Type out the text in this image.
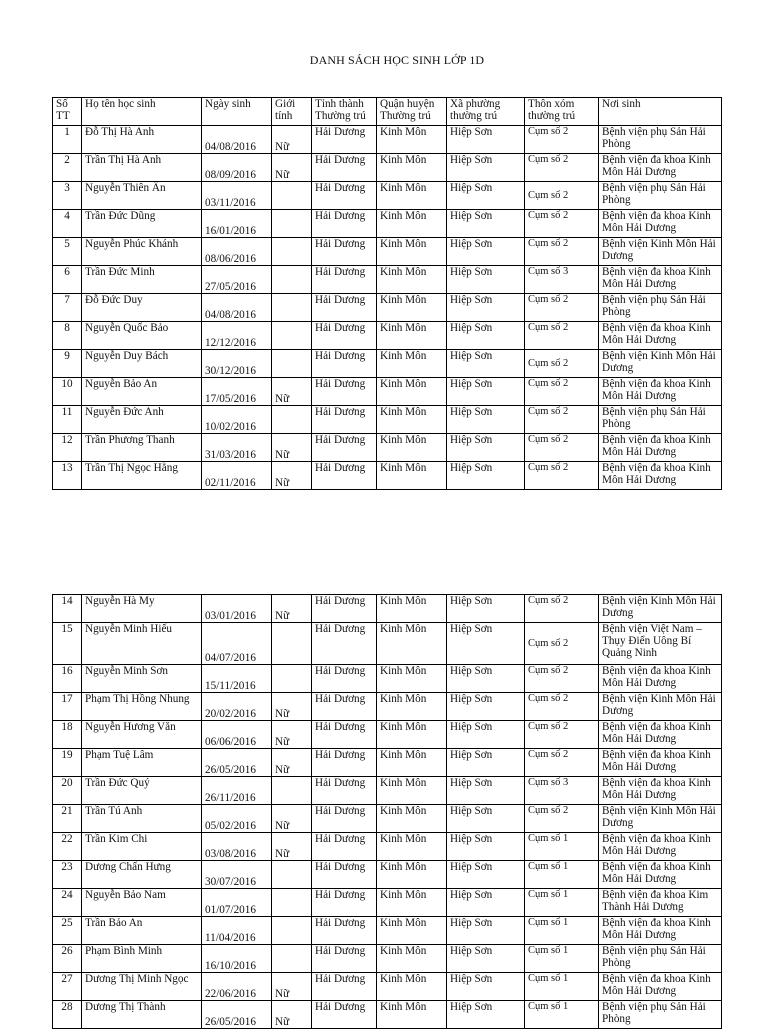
DANH SÁCH HỌC SINH LỚP 1D
Số TT	Họ tên học sinh	Ngày sinh	Giới tính	Tỉnh thành Thường trú	Quận huyện Thường trú	Xã phường thường trú	Thôn xóm thường trú	Nơi sinh
1	Đỗ Thị Hà Anh	04/08/2016	Nữ	Hải Dương	Kinh Môn	Hiệp Sơn	Cụm số 2	Bệnh viện phụ Sản Hải Phòng
2	Trần Thị Hà Anh	08/09/2016	Nữ	Hải Dương	Kinh Môn	Hiệp Sơn	Cụm số 2	Bệnh viện đa khoa Kinh Môn Hải Dương
3	Nguyễn Thiên Ân	03/11/2016		Hải Dương	Kinh Môn	Hiệp Sơn	Cụm số 2	Bệnh viện phụ Sản Hải Phòng
4	Trần Đức Dũng	16/01/2016		Hải Dương	Kinh Môn	Hiệp Sơn	Cụm số 2	Bệnh viện đa khoa Kinh Môn Hải Dương
5	Nguyễn Phúc Khánh	08/06/2016		Hải Dương	Kinh Môn	Hiệp Sơn	Cụm số 2	Bệnh viện Kinh Môn Hải Dương
6	Trần Đức Minh	27/05/2016		Hải Dương	Kinh Môn	Hiệp Sơn	Cụm số 3	Bệnh viện đa khoa Kinh Môn Hải Dương
7	Đỗ Đức Duy	04/08/2016		Hải Dương	Kinh Môn	Hiệp Sơn	Cụm số 2	Bệnh viện phụ Sản Hải Phòng
8	Nguyễn Quốc Bảo	12/12/2016		Hải Dương	Kinh Môn	Hiệp Sơn	Cụm số 2	Bệnh viện đa khoa Kinh Môn Hải Dương
9	Nguyễn Duy Bách	30/12/2016		Hải Dương	Kinh Môn	Hiệp Sơn	Cụm số 2	Bệnh viện Kinh Môn Hải Dương
10	Nguyễn Bảo An	17/05/2016	Nữ	Hải Dương	Kinh Môn	Hiệp Sơn	Cụm số 2	Bệnh viện đa khoa Kinh Môn Hải Dương
11	Nguyễn Đức Anh	10/02/2016		Hải Dương	Kinh Môn	Hiệp Sơn	Cụm số 2	Bệnh viện phụ Sản Hải Phòng
12	Trần Phương Thanh	31/03/2016	Nữ	Hải Dương	Kinh Môn	Hiệp Sơn	Cụm số 2	Bệnh viện đa khoa Kinh Môn Hải Dương
13	Trần Thị Ngọc Hằng	02/11/2016	Nữ	Hải Dương	Kinh Môn	Hiệp Sơn	Cụm số 2	Bệnh viện đa khoa Kinh Môn Hải Dương
14	Nguyễn Hà My	03/01/2016	Nữ	Hải Dương	Kinh Môn	Hiệp Sơn	Cụm số 2	Bệnh viện Kinh Môn Hải Dương
15	Nguyễn Minh Hiếu	04/07/2016		Hải Dương	Kinh Môn	Hiệp Sơn	Cụm số 2	Bệnh viện Việt Nam – Thụy Điển Uông Bí Quảng Ninh
16	Nguyễn Minh Sơn	15/11/2016		Hải Dương	Kinh Môn	Hiệp Sơn	Cụm số 2	Bệnh viện đa khoa Kinh Môn Hải Dương
17	Phạm Thị Hồng Nhung	20/02/2016	Nữ	Hải Dương	Kinh Môn	Hiệp Sơn	Cụm số 2	Bệnh viện Kinh Môn Hải Dương
18	Nguyễn Hương Văn	06/06/2016	Nữ	Hải Dương	Kinh Môn	Hiệp Sơn	Cụm số 2	Bệnh viện đa khoa Kinh Môn Hải Dương
19	Phạm Tuệ Lâm	26/05/2016	Nữ	Hải Dương	Kinh Môn	Hiệp Sơn	Cụm số 2	Bệnh viện đa khoa Kinh Môn Hải Dương
20	Trần Đức Quý	26/11/2016		Hải Dương	Kinh Môn	Hiệp Sơn	Cụm số 3	Bệnh viện đa khoa Kinh Môn Hải Dương
21	Trần Tú Anh	05/02/2016	Nữ	Hải Dương	Kinh Môn	Hiệp Sơn	Cụm số 2	Bệnh viện Kinh Môn Hải Dương
22	Trần Kim Chi	03/08/2016	Nữ	Hải Dương	Kinh Môn	Hiệp Sơn	Cụm số 1	Bệnh viện đa khoa Kinh Môn Hải Dương
23	Dương Chấn Hưng	30/07/2016		Hải Dương	Kinh Môn	Hiệp Sơn	Cụm số 1	Bệnh viện đa khoa Kinh Môn Hải Dương
24	Nguyễn Bảo Nam	01/07/2016		Hải Dương	Kinh Môn	Hiệp Sơn	Cụm số 1	Bệnh viện đa khoa Kim Thành Hải Dương
25	Trần Bảo An	11/04/2016		Hải Dương	Kinh Môn	Hiệp Sơn	Cụm số 1	Bệnh viện đa khoa Kinh Môn Hải Dương
26	Phạm Bình Minh	16/10/2016		Hải Dương	Kinh Môn	Hiệp Sơn	Cụm số 1	Bệnh viện phụ Sản Hải Phòng
27	Dương Thị Minh Ngọc	22/06/2016	Nữ	Hải Dương	Kinh Môn	Hiệp Sơn	Cụm số 1	Bệnh viện đa khoa Kinh Môn Hải Dương
28	Dương Thị Thành	26/05/2016	Nữ	Hải Dương	Kinh Môn	Hiệp Sơn	Cụm số 1	Bệnh viện phụ Sản Hải Phòng
